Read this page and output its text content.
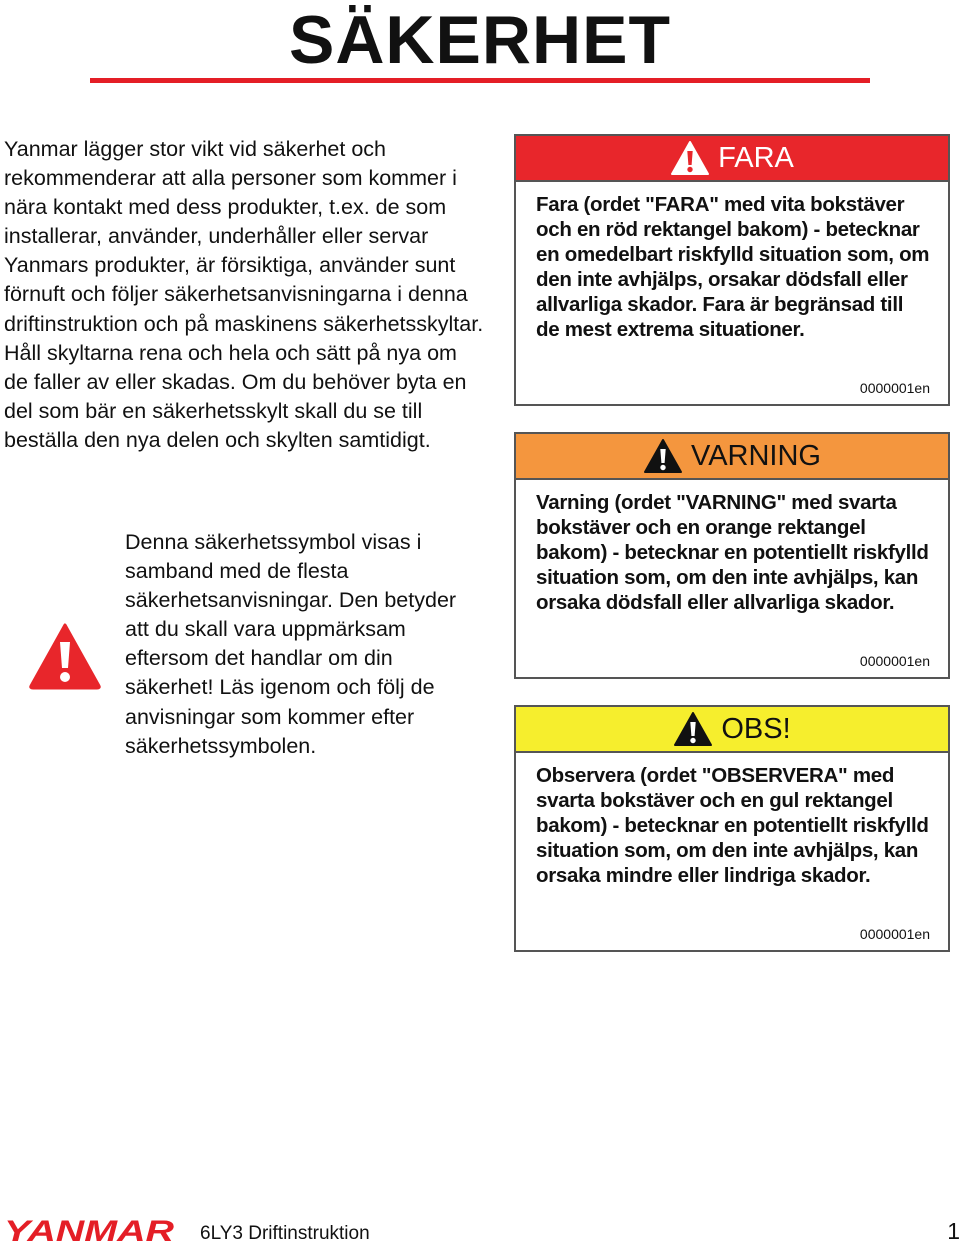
SÄKERHET
Yanmar lägger stor vikt vid säkerhet och rekommenderar att alla personer som kommer i nära kontakt med dess produkter, t.ex. de som installerar, använder, underhåller eller servar Yanmars produkter, är försiktiga, använder sunt förnuft och följer säkerhetsanvisningarna i denna driftinstruktion och på maskinens säkerhetsskyltar. Håll skyltarna rena och hela och sätt på nya om de faller av eller skadas. Om du behöver byta en del som bär en säkerhetsskylt skall du se till beställa den nya delen och skylten samtidigt.
Denna säkerhetssymbol visas i samband med de flesta säkerhetsanvisningar. Den betyder att du skall vara uppmärksam eftersom det handlar om din säkerhet! Läs igenom och följ de anvisningar som kommer efter säkerhetssymbolen.
FARA
Fara (ordet "FARA" med vita bokstäver och en röd rektangel bakom) - betecknar en omedelbart riskfylld situation som, om den inte avhjälps, orsakar dödsfall eller allvarliga skador. Fara är begränsad till de mest extrema situationer.
0000001en
VARNING
Varning (ordet "VARNING" med svarta bokstäver och en orange rektangel bakom) - betecknar en potentiellt riskfylld situation som, om den inte avhjälps, kan orsaka dödsfall eller allvarliga skador.
0000001en
OBS!
Observera (ordet "OBSERVERA" med svarta bokstäver och en gul rektangel bakom) - betecknar en potentiellt riskfylld situation som, om den inte avhjälps, kan orsaka mindre eller lindriga skador.
0000001en
YANMAR 6LY3 Driftinstruktion	1
